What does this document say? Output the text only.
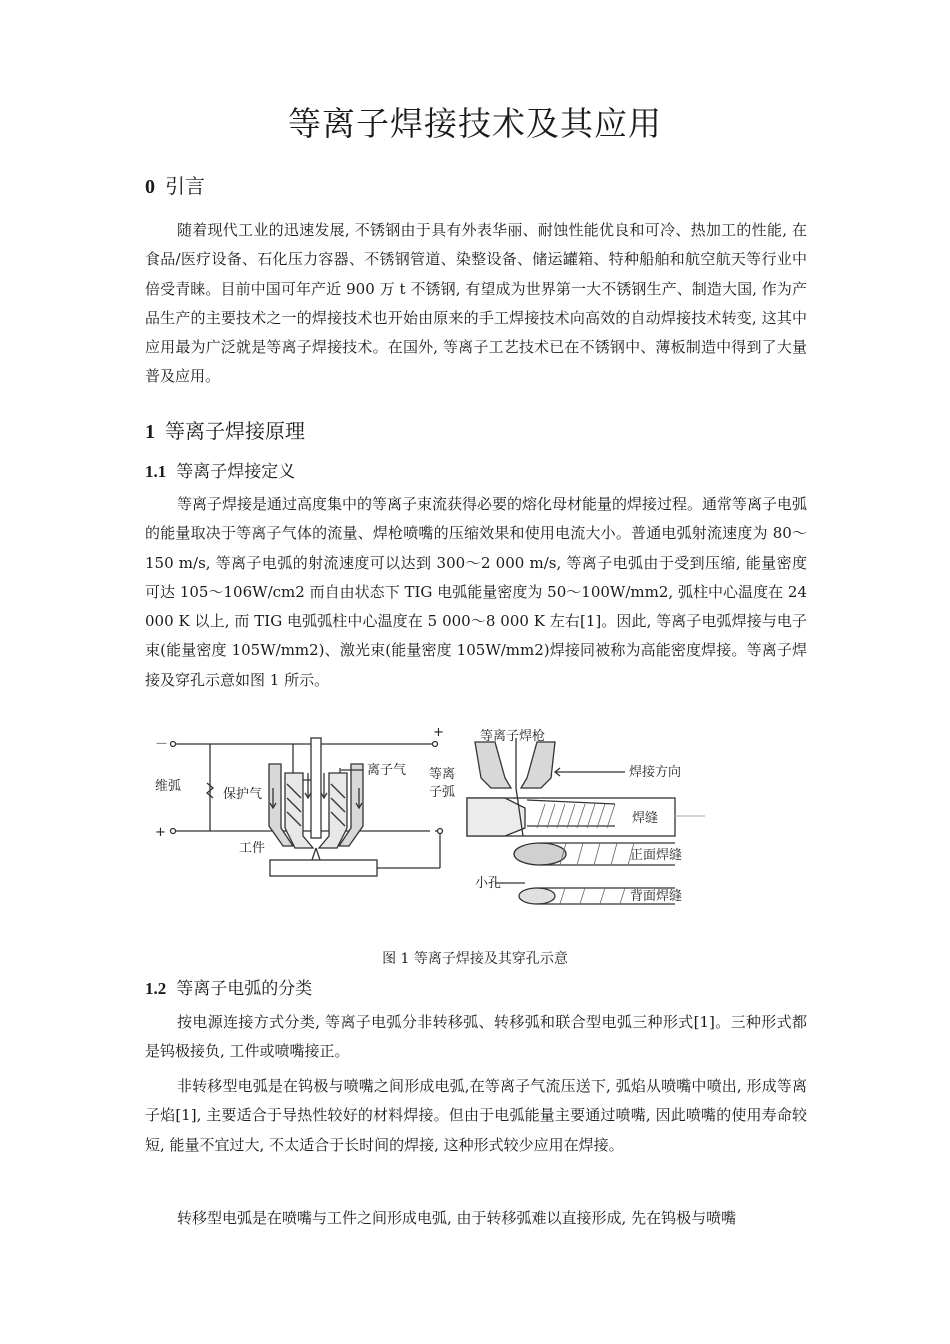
等离子焊接技术及其应用
0 引言

随着现代工业的迅速发展, 不锈钢由于具有外表华丽、耐蚀性能优良和可冷、热加工的性能, 在食品/医疗设备、石化压力容器、不锈钢管道、染整设备、储运罐箱、特种船舶和航空航天等行业中倍受青睐。目前中国可年产近 900 万 t 不锈钢, 有望成为世界第一大不锈钢生产、制造大国, 作为产品生产的主要技术之一的焊接技术也开始由原来的手工焊接技术向高效的自动焊接技术转变, 这其中应用最为广泛就是等离子焊接技术。在国外, 等离子工艺技术已在不锈钢中、薄板制造中得到了大量普及应用。

1 等离子焊接原理
1.1 等离子焊接定义

等离子焊接是通过高度集中的等离子束流获得必要的熔化母材能量的焊接过程。通常等离子电弧的能量取决于等离子气体的流量、焊枪喷嘴的压缩效果和使用电流大小。普通电弧射流速度为 80～150 m/s, 等离子电弧的射流速度可以达到 300～2 000 m/s, 等离子电弧由于受到压缩, 能量密度可达 105～106W/cm2 而自由状态下 TIG 电弧能量密度为 50～100W/mm2, 弧柱中心温度在 24 000 K 以上, 而 TIG 电弧弧柱中心温度在 5 000～8 000 K 左右[1]。因此, 等离子电弧焊接与电子束(能量密度 105W/mm2)、激光束(能量密度 105W/mm2)焊接同被称为高能密度焊接。等离子焊接及穿孔示意如图 1 所示。

－
+
+
维弧
保护气
离子气 等离
子弧
工件
等离子焊枪
焊接方向
焊缝
正面焊缝
小孔
背面焊缝
图 1 等离子焊接及其穿孔示意
1.2 等离子电弧的分类

按电源连接方式分类, 等离子电弧分非转移弧、转移弧和联合型电弧三种形式[1]。三种形式都是钨极接负, 工件或喷嘴接正。

非转移型电弧是在钨极与喷嘴之间形成电弧,在等离子气流压送下, 弧焰从喷嘴中喷出, 形成等离子焰[1], 主要适合于导热性较好的材料焊接。但由于电弧能量主要通过喷嘴, 因此喷嘴的使用寿命较短, 能量不宜过大, 不太适合于长时间的焊接, 这种形式较少应用在焊接。

转移型电弧是在喷嘴与工件之间形成电弧, 由于转移弧难以直接形成, 先在钨极与喷嘴
